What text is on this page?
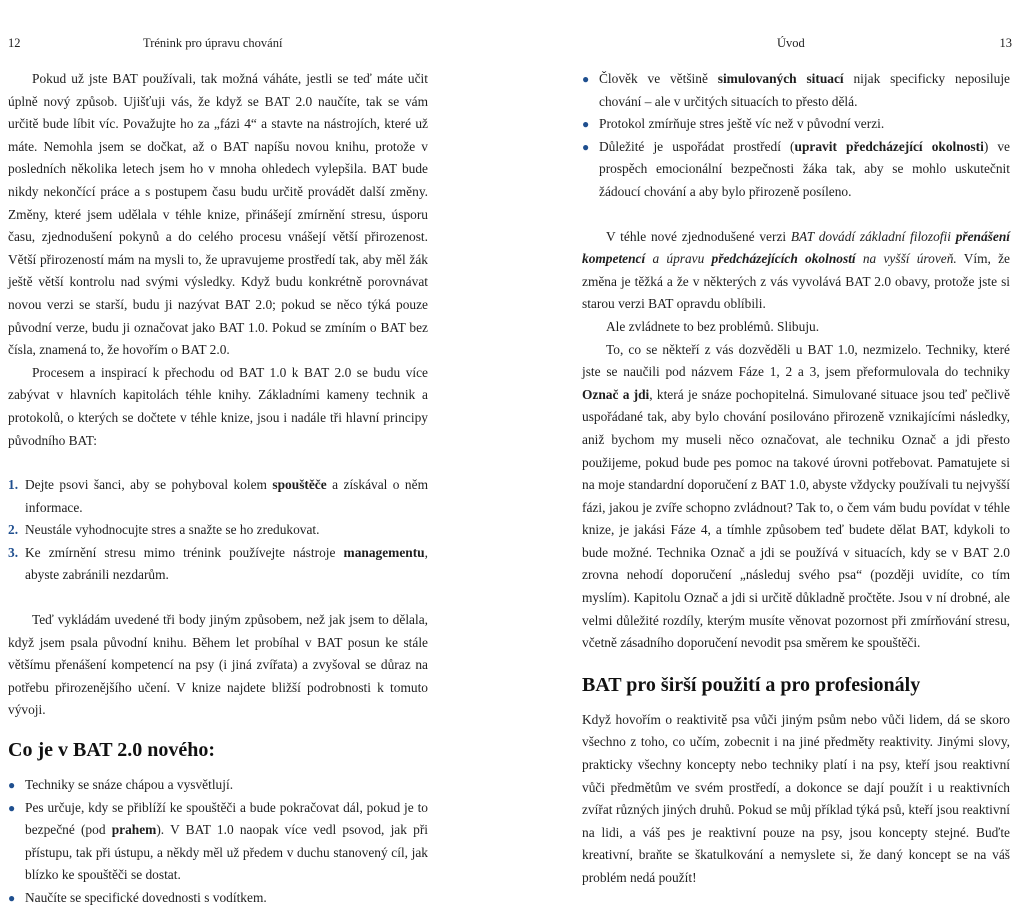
12	Trénink pro úpravu chování

Pokud už jste BAT používali, tak možná váháte, jestli se teď máte učit úplně nový způsob. Ujišťuji vás, že když se BAT 2.0 naučíte, tak se vám určitě bude líbit víc. Považujte ho za „fázi 4“ a stavte na nástrojích, které už máte. Nemohla jsem se dočkat, až o BAT napíšu novou knihu, protože v posledních několika letech jsem ho v mnoha ohledech vylepšila. BAT bude nikdy nekončící práce a s postupem času budu určitě provádět další změny. Změny, které jsem udělala v téhle knize, přinášejí zmírnění stresu, úsporu času, zjednodušení pokynů a do celého procesu vnášejí větší přirozenost. Větší přirozeností mám na mysli to, že upravujeme prostředí tak, aby měl žák ještě větší kontrolu nad svými výsledky. Když budu konkrétně porovnávat novou verzi se starší, budu ji nazývat BAT 2.0; pokud se něco týká pouze původní verze, budu ji označovat jako BAT 1.0. Pokud se zmíním o BAT bez čísla, znamená to, že hovořím o BAT 2.0.

Procesem a inspirací k přechodu od BAT 1.0 k BAT 2.0 se budu více zabývat v hlavních kapitolách téhle knihy. Základními kameny technik a protokolů, o kterých se dočtete v téhle knize, jsou i nadále tři hlavní principy původního BAT:

1. Dejte psovi šanci, aby se pohyboval kolem spouštěče a získával o něm informace.
2. Neustále vyhodnocujte stres a snažte se ho zredukovat.
3. Ke zmírnění stresu mimo trénink používejte nástroje managementu, abyste zabránili nezdarům.

Teď vykládám uvedené tři body jiným způsobem, než jak jsem to dělala, když jsem psala původní knihu. Během let probíhal v BAT posun ke stále většímu přenášení kompetencí na psy (i jiná zvířata) a zvyšoval se důraz na potřebu přirozenějšího učení. V knize najdete bližší podrobnosti k tomuto vývoji.

Co je v BAT 2.0 nového:
● Techniky se snáze chápou a vysvětlují.
● Pes určuje, kdy se přiblíží ke spouštěči a bude pokračovat dál, pokud je to bezpečné (pod prahem). V BAT 1.0 naopak více vedl psovod, jak při přístupu, tak při ústupu, a někdy měl už předem v duchu stanovený cíl, jak blízko ke spouštěči se dostat.
● Naučíte se specifické dovednosti s vodítkem.
Úvod	13
● Člověk ve většině simulovaných situací nijak specificky neposiluje chování – ale v určitých situacích to přesto dělá.
● Protokol zmírňuje stres ještě víc než v původní verzi.
● Důležité je uspořádat prostředí (upravit předcházející okolnosti) ve prospěch emocionální bezpečnosti žáka tak, aby se mohlo uskutečnit žádoucí chování a aby bylo přirozeně posíleno.

V téhle nové zjednodušené verzi BAT dovádí základní filozofii přenášení kompetencí a úpravu předcházejících okolností na vyšší úroveň. Vím, že změna je těžká a že v některých z vás vyvolává BAT 2.0 obavy, protože jste si starou verzi BAT opravdu oblíbili.

Ale zvládnete to bez problémů. Slibuju.

To, co se někteří z vás dozvěděli u BAT 1.0, nezmizelo. Techniky, které jste se naučili pod názvem Fáze 1, 2 a 3, jsem přeformulovala do techniky Označ a jdi, která je snáze pochopitelná. Simulované situace jsou teď pečlivě uspořádané tak, aby bylo chování posilováno přirozeně vznikajícími následky, aniž bychom my museli něco označovat, ale techniku Označ a jdi přesto použijeme, pokud bude pes pomoc na takové úrovni potřebovat. Pamatujete si na moje standardní doporučení z BAT 1.0, abyste vždycky používali tu nejvyšší fázi, jakou je zvíře schopno zvládnout? Tak to, o čem vám budu povídat v téhle knize, je jakási Fáze 4, a tímhle způsobem teď budete dělat BAT, kdykoli to bude možné. Technika Označ a jdi se používá v situacích, kdy se v BAT 2.0 zrovna nehodí doporučení „následuj svého psa“ (později uvidíte, co tím myslím). Kapitolu Označ a jdi si určitě důkladně pročtěte. Jsou v ní drobné, ale velmi důležité rozdíly, kterým musíte věnovat pozornost při zmírňování stresu, včetně zásadního doporučení nevodit psa směrem ke spouštěči.

BAT pro širší použití a pro profesionály

Když hovořím o reaktivitě psa vůči jiným psům nebo vůči lidem, dá se skoro všechno z toho, co učím, zobecnit i na jiné předměty reaktivity. Jinými slovy, prakticky všechny koncepty nebo techniky platí i na psy, kteří jsou reaktivní vůči předmětům ve svém prostředí, a dokonce se dají použít i u reaktivních zvířat různých jiných druhů. Pokud se můj příklad týká psů, kteří jsou reaktivní na lidi, a váš pes je reaktivní pouze na psy, jsou koncepty stejné. Buďte kreativní, braňte se škatulkování a nemyslete si, že daný koncept se na váš problém nedá použít!
